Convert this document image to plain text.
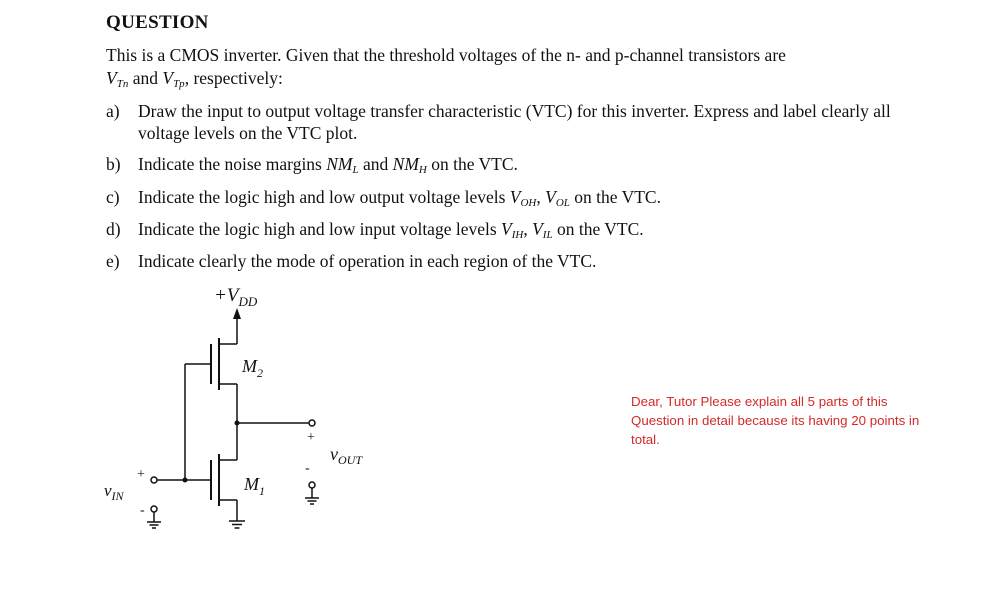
QUESTION
This is a CMOS inverter. Given that the threshold voltages of the n- and p-channel transistors are
$V_{Tn}$ and $V_{Tp}$, respectively:
a)	Draw the input to output voltage transfer characteristic (VTC) for this inverter. Express and label clearly all voltage levels on the VTC plot.
b) Indicate the noise margins $NM_L$ and $NM_H$ on the VTC.
c)	Indicate the logic high and low output voltage levels $V_{OH}$, $V_{OL}$ on the VTC.
d) Indicate the logic high and low input voltage levels $V_{IH}$, $V_{IL}$ on the VTC.
e)	Indicate clearly the mode of operation in each region of the VTC.
$+V_{DD}$
$M_2$
+
$v_{OUT}$
-
$M_1$
+
$v_{IN}$
-
Dear, Tutor Please explain all 5 parts of this Question in detail because its having 20 points in total.
